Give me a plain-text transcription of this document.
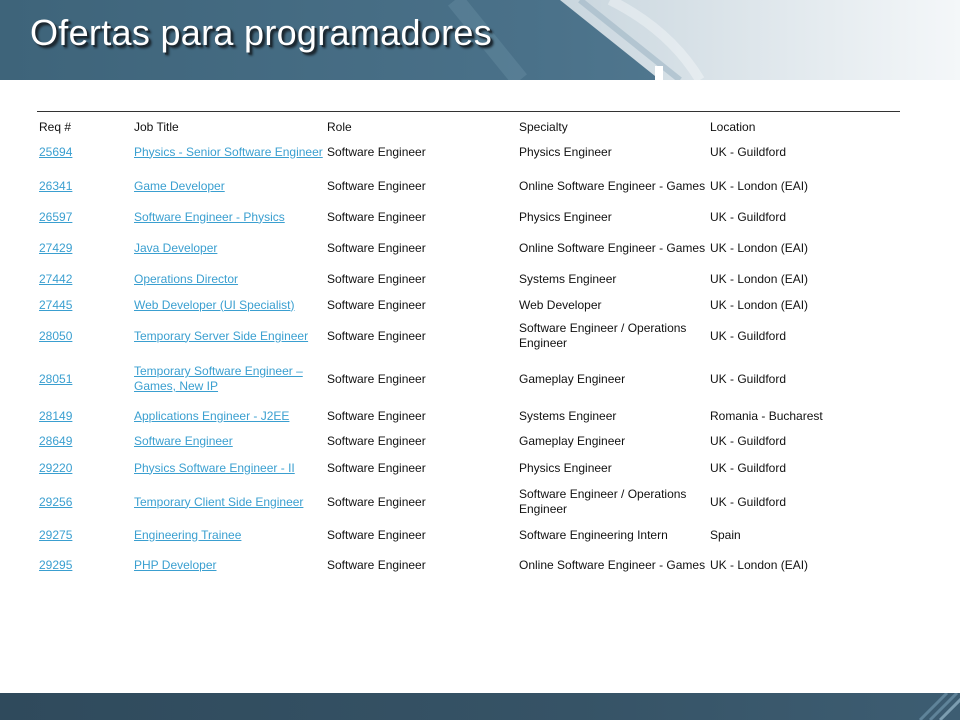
Ofertas para programadores
Req #	Job Title	Role	Specialty	Location
25694	Physics - Senior Software Engineer	Software Engineer	Physics Engineer	UK - Guildford
26341	Game Developer	Software Engineer	Online Software Engineer - Games	UK - London (EAI)
26597	Software Engineer - Physics	Software Engineer	Physics Engineer	UK - Guildford
27429	Java Developer	Software Engineer	Online Software Engineer - Games	UK - London (EAI)
27442	Operations Director	Software Engineer	Systems Engineer	UK - London (EAI)
27445	Web Developer (UI Specialist)	Software Engineer	Web Developer	UK - London (EAI)
28050	Temporary Server Side Engineer	Software Engineer	Software Engineer / Operations Engineer	UK - Guildford
28051	Temporary Software Engineer – Games, New IP	Software Engineer	Gameplay Engineer	UK - Guildford
28149	Applications Engineer - J2EE	Software Engineer	Systems Engineer	Romania - Bucharest
28649	Software Engineer	Software Engineer	Gameplay Engineer	UK - Guildford
29220	Physics Software Engineer - II	Software Engineer	Physics Engineer	UK - Guildford
29256	Temporary Client Side Engineer	Software Engineer	Software Engineer / Operations Engineer	UK - Guildford
29275	Engineering Trainee	Software Engineer	Software Engineering Intern	Spain
29295	PHP Developer	Software Engineer	Online Software Engineer - Games	UK - London (EAI)
